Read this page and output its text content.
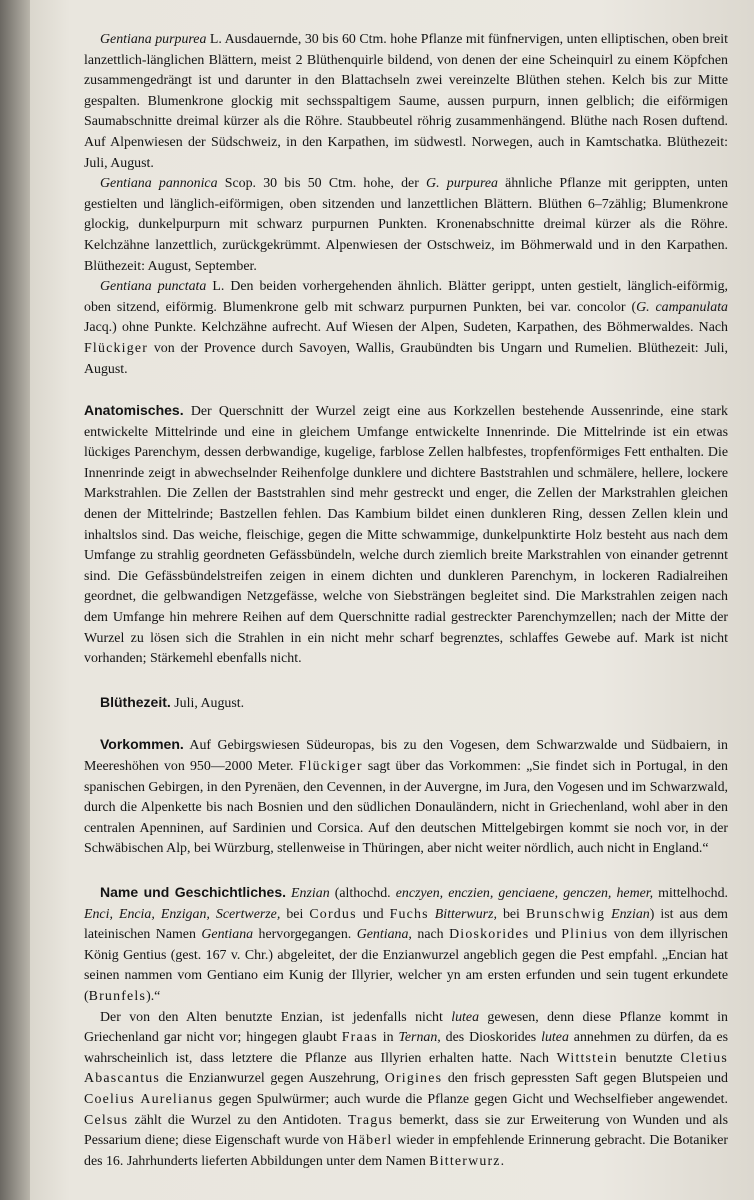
Gentiana purpurea L. Ausdauernde, 30 bis 60 Ctm. hohe Pflanze mit fünfnervigen, unten elliptischen, oben breit lanzettlich-länglichen Blättern, meist 2 Blüthenquirle bildend, von denen der eine Scheinquirl zu einem Köpfchen zusammengedrängt ist und darunter in den Blattachseln zwei vereinzelte Blüthen stehen. Kelch bis zur Mitte gespalten. Blumenkrone glockig mit sechsspaltigem Saume, aussen purpurn, innen gelblich; die eiförmigen Saumabschnitte dreimal kürzer als die Röhre. Staubbeutel röhrig zusammenhängend. Blüthe nach Rosen duftend. Auf Alpenwiesen der Südschweiz, in den Karpathen, im südwestl. Norwegen, auch in Kamtschatka. Blüthezeit: Juli, August.

Gentiana pannonica Scop. 30 bis 50 Ctm. hohe, der G. purpurea ähnliche Pflanze mit gerippten, unten gestielten und länglich-eiförmigen, oben sitzenden und lanzettlichen Blättern. Blüthen 6–7zählig; Blumenkrone glockig, dunkelpurpurn mit schwarz purpurnen Punkten. Kronenabschnitte dreimal kürzer als die Röhre. Kelchzähne lanzettlich, zurückgekrümmt. Alpenwiesen der Ostschweiz, im Böhmerwald und in den Karpathen. Blüthezeit: August, September.

Gentiana punctata L. Den beiden vorhergehenden ähnlich. Blätter gerippt, unten gestielt, länglich-eiförmig, oben sitzend, eiförmig. Blumenkrone gelb mit schwarz purpurnen Punkten, bei var. concolor (G. campanulata Jacq.) ohne Punkte. Kelchzähne aufrecht. Auf Wiesen der Alpen, Sudeten, Karpathen, des Böhmerwaldes. Nach Flückiger von der Provence durch Savoyen, Wallis, Graubündten bis Ungarn und Rumelien. Blüthezeit: Juli, August.

Anatomisches. Der Querschnitt der Wurzel zeigt eine aus Korkzellen bestehende Aussenrinde, eine stark entwickelte Mittelrinde und eine in gleichem Umfange entwickelte Innenrinde. Die Mittelrinde ist ein etwas lückiges Parenchym, dessen derbwandige, kugelige, farblose Zellen halbfestes, tropfenförmiges Fett enthalten. Die Innenrinde zeigt in abwechselnder Reihenfolge dunklere und dichtere Baststrahlen und schmälere, hellere, lockere Markstrahlen. Die Zellen der Baststrahlen sind mehr gestreckt und enger, die Zellen der Markstrahlen gleichen denen der Mittelrinde; Bastzellen fehlen. Das Kambium bildet einen dunkleren Ring, dessen Zellen klein und inhaltslos sind. Das weiche, fleischige, gegen die Mitte schwammige, dunkelpunktirte Holz besteht aus nach dem Umfange zu strahlig geordneten Gefässbündeln, welche durch ziemlich breite Markstrahlen von einander getrennt sind. Die Gefässbündelstreifen zeigen in einem dichten und dunkleren Parenchym, in lockeren Radialreihen geordnet, die gelbwandigen Netzgefässe, welche von Siebsträngen begleitet sind. Die Markstrahlen zeigen nach dem Umfange hin mehrere Reihen auf dem Querschnitte radial gestreckter Parenchymzellen; nach der Mitte der Wurzel zu lösen sich die Strahlen in ein nicht mehr scharf begrenztes, schlaffes Gewebe auf. Mark ist nicht vorhanden; Stärkemehl ebenfalls nicht.

Blüthezeit. Juli, August.

Vorkommen. Auf Gebirgswiesen Südeuropas, bis zu den Vogesen, dem Schwarzwalde und Südbaiern, in Meereshöhen von 950—2000 Meter. Flückiger sagt über das Vorkommen: „Sie findet sich in Portugal, in den spanischen Gebirgen, in den Pyrenäen, den Cevennen, in der Auvergne, im Jura, den Vogesen und im Schwarzwald, durch die Alpenkette bis nach Bosnien und den südlichen Donauländern, nicht in Griechenland, wohl aber in den centralen Apenninen, auf Sardinien und Corsica. Auf den deutschen Mittelgebirgen kommt sie noch vor, in der Schwäbischen Alp, bei Würzburg, stellenweise in Thüringen, aber nicht weiter nördlich, auch nicht in England.“

Name und Geschichtliches. Enzian (althochd. enczyen, enczien, genciaene, genczen, hemer, mittelhochd. Enci, Encia, Enzigan, Scertwerze, bei Cordus und Fuchs Bitterwurz, bei Brunschwig Enzian) ist aus dem lateinischen Namen Gentiana hervorgegangen. Gentiana, nach Dioskorides und Plinius von dem illyrischen König Gentius (gest. 167 v. Chr.) abgeleitet, der die Enzianwurzel angeblich gegen die Pest empfahl. „Encian hat seinen nammen vom Gentiano eim Kunig der Illyrier, welcher yn am ersten erfunden und sein tugent erkundete (Brunfels).“

Der von den Alten benutzte Enzian, ist jedenfalls nicht lutea gewesen, denn diese Pflanze kommt in Griechenland gar nicht vor; hingegen glaubt Fraas in Ternan, des Dioskorides lutea annehmen zu dürfen, da es wahrscheinlich ist, dass letztere die Pflanze aus Illyrien erhalten hatte. Nach Wittstein benutzte Cletius Abascantus die Enzianwurzel gegen Auszehrung, Origines den frisch gepressten Saft gegen Blutspeien und Coelius Aurelianus gegen Spulwürmer; auch wurde die Pflanze gegen Gicht und Wechselfieber angewendet. Celsus zählt die Wurzel zu den Antidoten. Tragus bemerkt, dass sie zur Erweiterung von Wunden und als Pessarium diene; diese Eigenschaft wurde von Häberl wieder in empfehlende Erinnerung gebracht. Die Botaniker des 16. Jahrhunderts lieferten Abbildungen unter dem Namen Bitterwurz.
